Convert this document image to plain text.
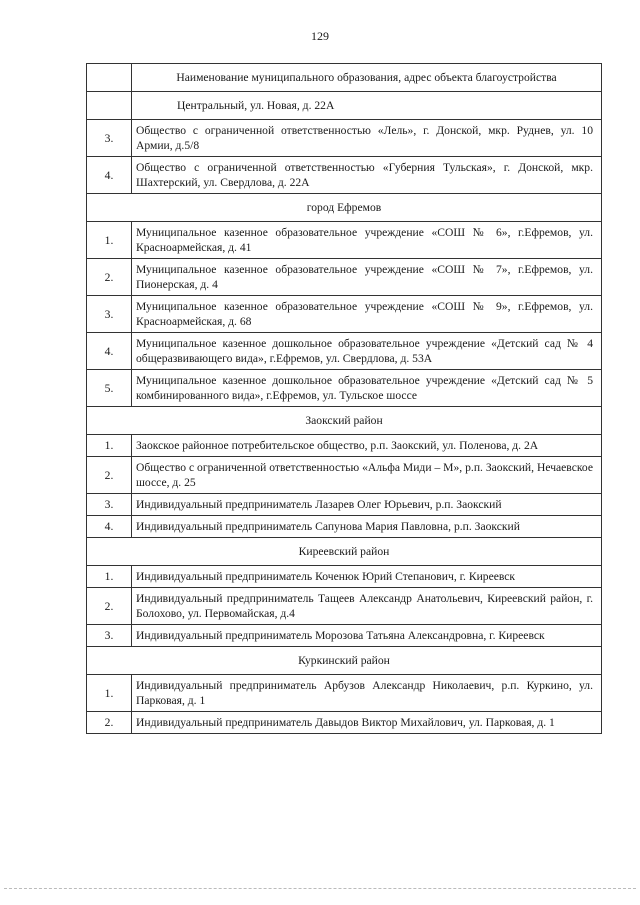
129
	Наименование муниципального образования, адрес объекта благоустройства
	Центральный, ул. Новая, д. 22А
3.	Общество с ограниченной ответственностью «Лель», г. Донской, мкр. Руднев, ул. 10 Армии, д.5/8
4.	Общество с ограниченной ответственностью «Губерния Тульская», г. Донской, мкр. Шахтерский, ул. Свердлова, д. 22А
город Ефремов	
1.	Муниципальное казенное образовательное учреждение «СОШ № 6», г.Ефремов, ул. Красноармейская, д. 41
2.	Муниципальное казенное образовательное учреждение «СОШ № 7», г.Ефремов, ул. Пионерская, д. 4
3.	Муниципальное казенное образовательное учреждение «СОШ № 9», г.Ефремов, ул. Красноармейская, д. 68
4.	Муниципальное казенное дошкольное образовательное учреждение «Детский сад № 4 общеразвивающего вида», г.Ефремов, ул. Свердлова, д. 53А
5.	Муниципальное казенное дошкольное образовательное учреждение «Детский сад № 5 комбинированного вида», г.Ефремов, ул. Тульское шоссе
Заокский район	
1.	Заокское районное потребительское общество, р.п. Заокский, ул. Поленова, д. 2А
2.	Общество с ограниченной ответственностью «Альфа Миди – М», р.п. Заокский, Нечаевское шоссе, д. 25
3.	Индивидуальный предприниматель Лазарев Олег Юрьевич, р.п. Заокский
4.	Индивидуальный предприниматель Сапунова Мария Павловна, р.п. Заокский
Киреевский район	
1.	Индивидуальный предприниматель Коченюк Юрий Степанович, г. Киреевск
2.	Индивидуальный предприниматель Тащеев Александр Анатольевич, Киреевский район, г. Болохово, ул. Первомайская, д.4
3.	Индивидуальный предприниматель Морозова Татьяна Александровна, г. Киреевск
Куркинский район	
1.	Индивидуальный предприниматель Арбузов Александр Николаевич, р.п. Куркино, ул. Парковая, д. 1
2.	Индивидуальный предприниматель Давыдов Виктор Михайлович, ул. Парковая, д. 1
